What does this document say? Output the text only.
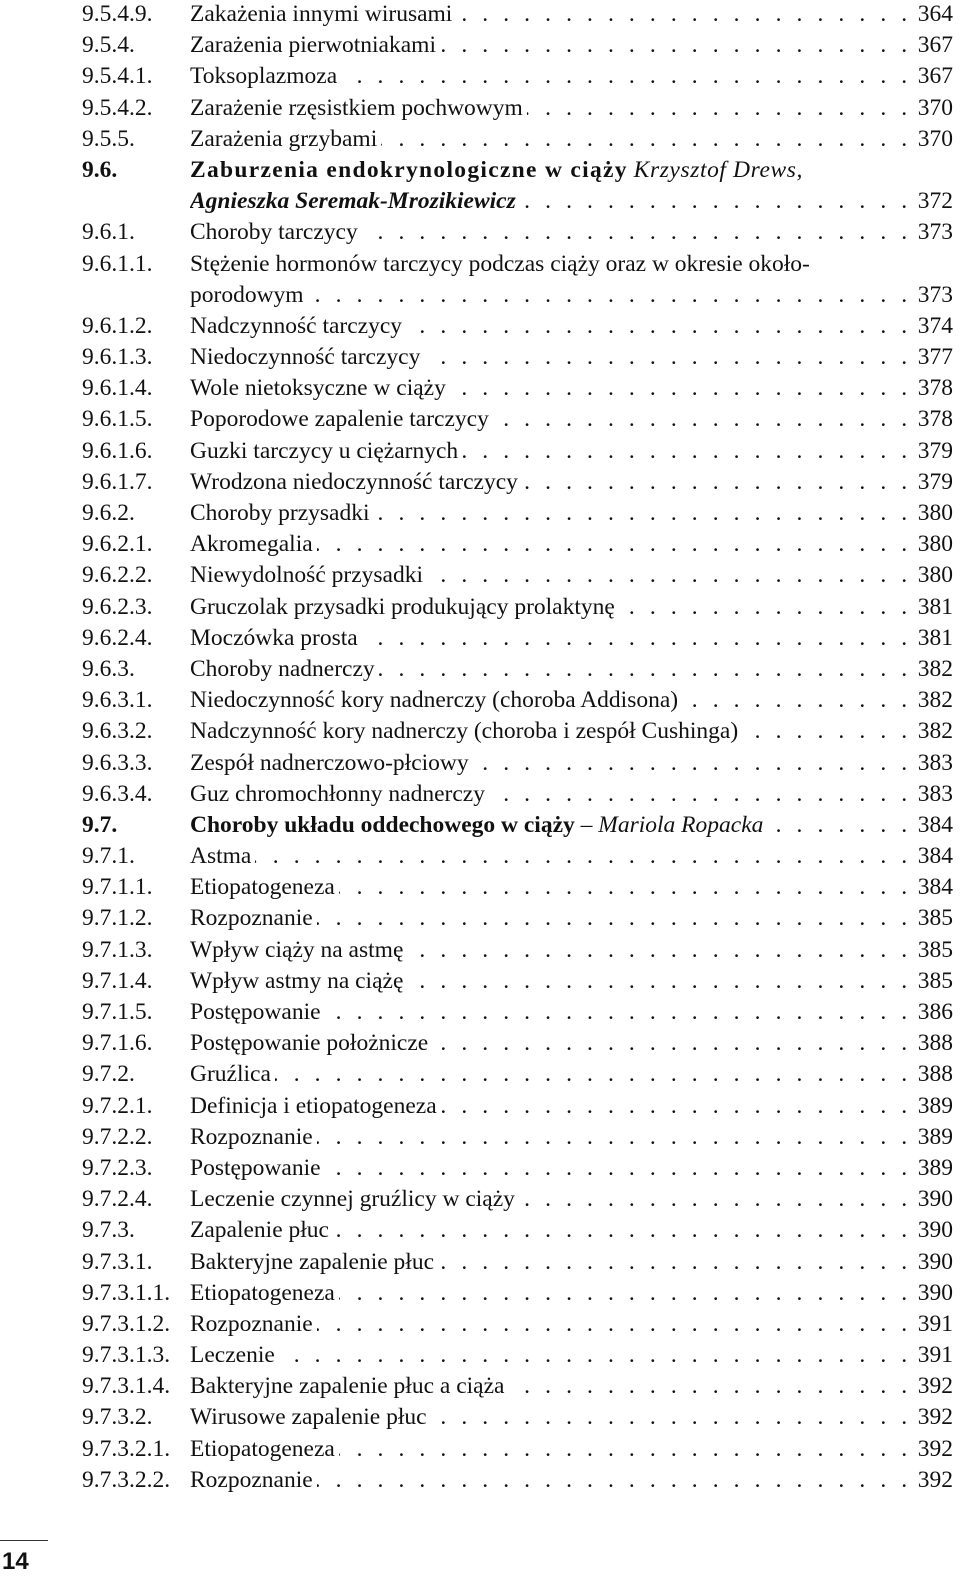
9.5.4.9. Zakażenia innymi wirusami . . .	364
9.5.4. Zarażenia pierwotniakami . . .	367
9.5.4.1. Toksoplazmoza . . .	367
9.5.4.2. Zarażenie rzęsistkiem pochwowym . . .	370
9.5.5. Zarażenia grzybami . . .	370
9.6.	Zaburzenia endokrynologiczne w ciąży Krzysztof Drews,
Agnieszka Seremak-Mrozikiewicz . . .	372
9.6.1. Choroby tarczycy . . .	373
9.6.1.1. Stężenie hormonów tarczycy podczas ciąży oraz w okresie około-
porodowym . . .	373
9.6.1.2. Nadczynność tarczycy . . .	374
9.6.1.3. Niedoczynność tarczycy . . .	377
9.6.1.4. Wole nietoksyczne w ciąży . . .	378
9.6.1.5. Poporodowe zapalenie tarczycy . . .	378
9.6.1.6. Guzki tarczycy u ciężarnych . . .	379
9.6.1.7. Wrodzona niedoczynność tarczycy . . .	379
9.6.2. Choroby przysadki . . .	380
9.6.2.1. Akromegalia . . .	380
9.6.2.2. Niewydolność przysadki . . .	380
9.6.2.3. Gruczolak przysadki produkujący prolaktynę . . .	381
9.6.2.4. Moczówka prosta . . .	381
9.6.3. Choroby nadnerczy . . .	382
9.6.3.1. Niedoczynność kory nadnerczy (choroba Addisona) . . .	382
9.6.3.2. Nadczynność kory nadnerczy (choroba i zespół Cushinga) . . .	382
9.6.3.3. Zespół nadnerczowo-płciowy . . .	383
9.6.3.4. Guz chromochłonny nadnerczy . . .	383
9.7.	Choroby układu oddechowego w ciąży – Mariola Ropacka . . .	384
9.7.1. Astma . . .	384
9.7.1.1. Etiopatogeneza . . .	384
9.7.1.2. Rozpoznanie . . .	385
9.7.1.3. Wpływ ciąży na astmę . . .	385
9.7.1.4. Wpływ astmy na ciążę . . .	385
9.7.1.5. Postępowanie . . .	386
9.7.1.6. Postępowanie położnicze . . .	388
9.7.2. Gruźlica . . .	388
9.7.2.1. Definicja i etiopatogeneza . . .	389
9.7.2.2. Rozpoznanie . . .	389
9.7.2.3. Postępowanie . . .	389
9.7.2.4. Leczenie czynnej gruźlicy w ciąży . . .	390
9.7.3. Zapalenie płuc . . .	390
9.7.3.1. Bakteryjne zapalenie płuc . . .	390
9.7.3.1.1. Etiopatogeneza . . .	390
9.7.3.1.2. Rozpoznanie . . .	391
9.7.3.1.3. Leczenie . . .	391
9.7.3.1.4. Bakteryjne zapalenie płuc a ciąża . . .	392
9.7.3.2. Wirusowe zapalenie płuc . . .	392
9.7.3.2.1. Etiopatogeneza . . .	392
9.7.3.2.2. Rozpoznanie . . .	392
14
